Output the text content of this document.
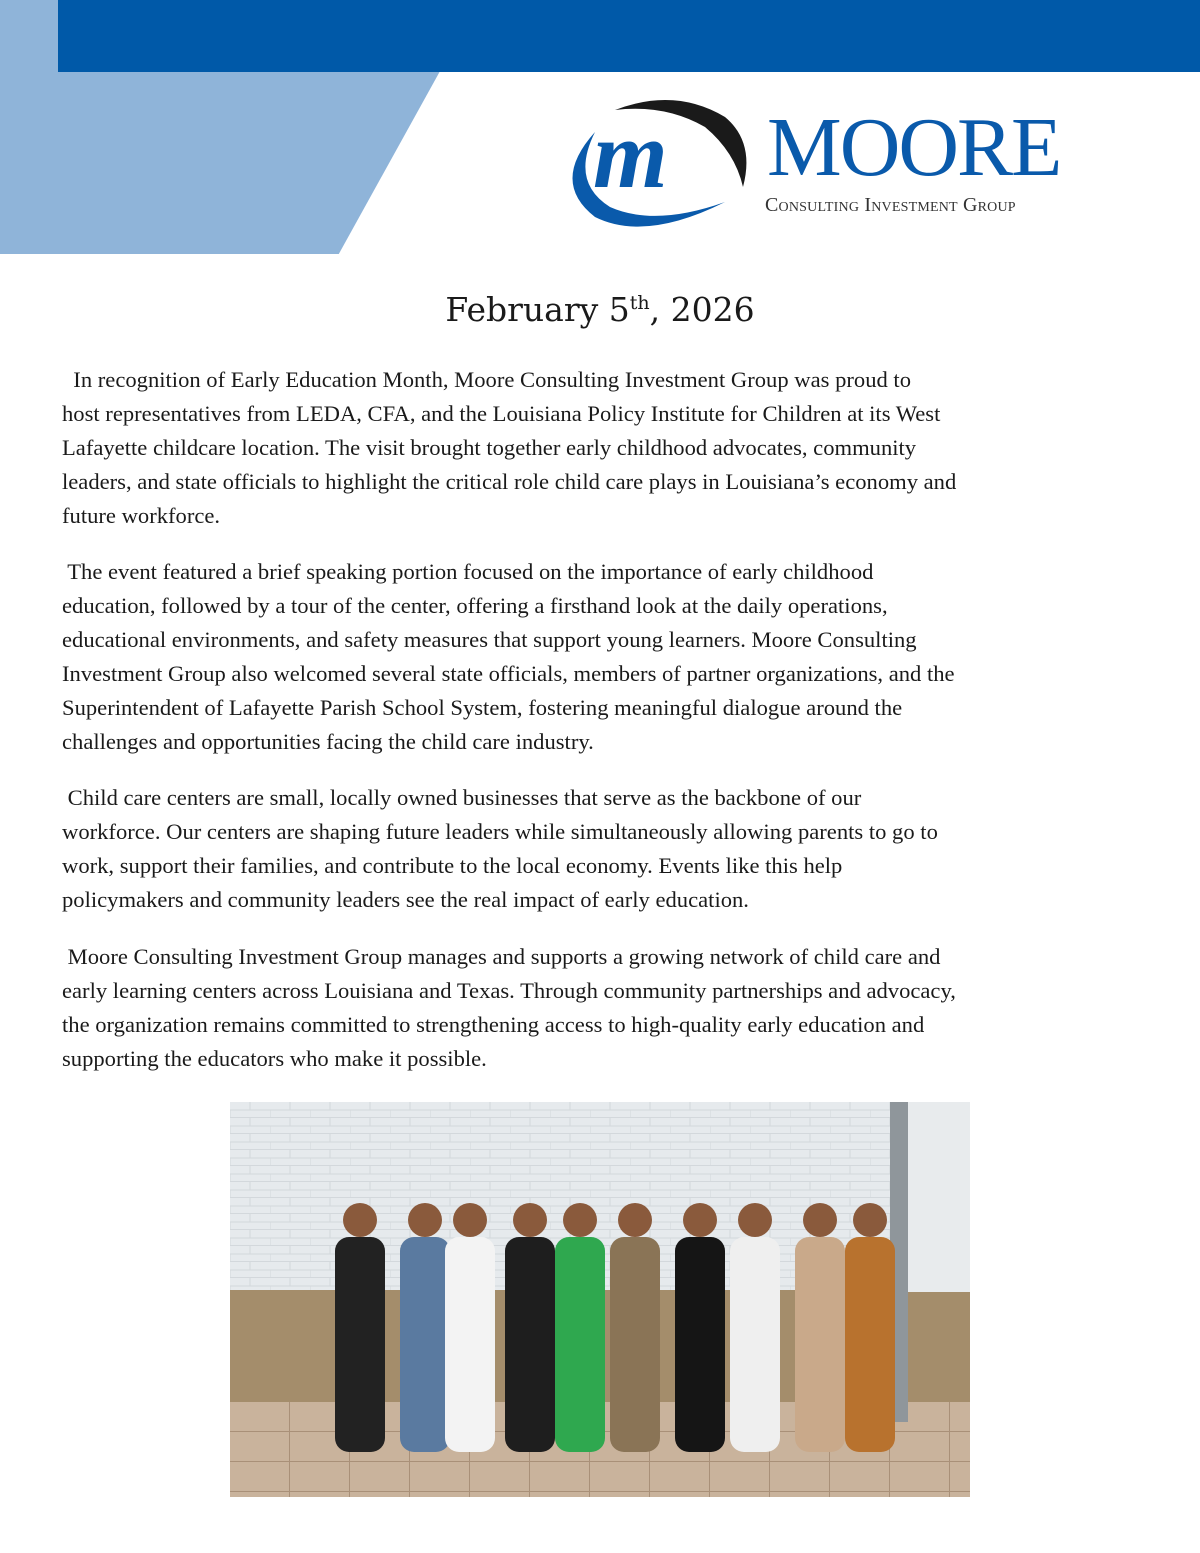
m MOORE
Consulting Investment Group
February 5th, 2026
In recognition of Early Education Month, Moore Consulting Investment Group was proud to
host representatives from LEDA, CFA, and the Louisiana Policy Institute for Children at its West
Lafayette childcare location. The visit brought together early childhood advocates, community
leaders, and state officials to highlight the critical role child care plays in Louisiana’s economy and
future workforce.
The event featured a brief speaking portion focused on the importance of early childhood
education, followed by a tour of the center, offering a firsthand look at the daily operations,
educational environments, and safety measures that support young learners. Moore Consulting
Investment Group also welcomed several state officials, members of partner organizations, and the
Superintendent of Lafayette Parish School System, fostering meaningful dialogue around the
challenges and opportunities facing the child care industry.
Child care centers are small, locally owned businesses that serve as the backbone of our
workforce. Our centers are shaping future leaders while simultaneously allowing parents to go to
work, support their families, and contribute to the local economy. Events like this help
policymakers and community leaders see the real impact of early education.
Moore Consulting Investment Group manages and supports a growing network of child care and
early learning centers across Louisiana and Texas. Through community partnerships and advocacy,
the organization remains committed to strengthening access to high-quality early education and
supporting the educators who make it possible.
